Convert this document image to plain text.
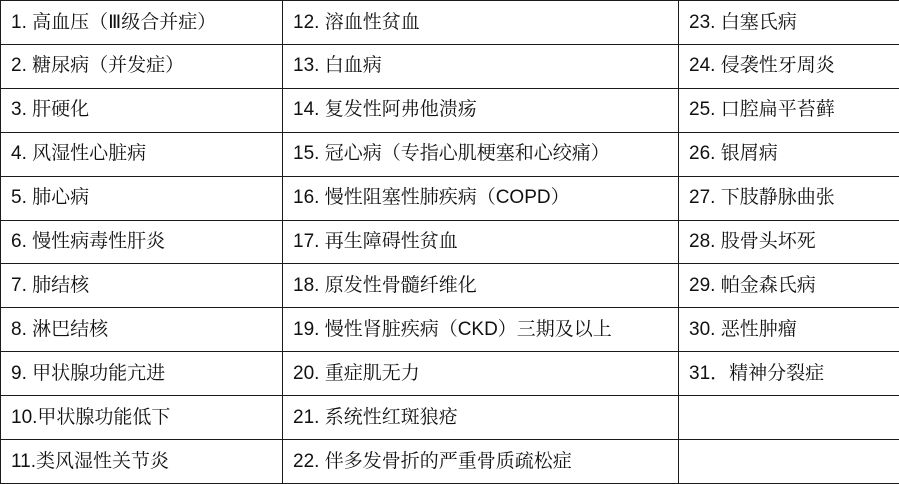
1. 高血压（Ⅲ级合并症）	12. 溶血性贫血	23. 白塞氏病
2. 糖尿病（并发症）	13. 白血病	24. 侵袭性牙周炎
3. 肝硬化	14. 复发性阿弗他溃疡	25. 口腔扁平苔藓
4. 风湿性心脏病	15. 冠心病（专指心肌梗塞和心绞痛）	26. 银屑病
5. 肺心病	16. 慢性阻塞性肺疾病（COPD）	27. 下肢静脉曲张
6. 慢性病毒性肝炎	17. 再生障碍性贫血	28. 股骨头坏死
7. 肺结核	18. 原发性骨髓纤维化	29. 帕金森氏病
8. 淋巴结核	19. 慢性肾脏疾病（CKD）三期及以上	30. 恶性肿瘤
9. 甲状腺功能亢进	20. 重症肌无力	31．精神分裂症
10.甲状腺功能低下	21. 系统性红斑狼疮	
11.类风湿性关节炎	22. 伴多发骨折的严重骨质疏松症	
